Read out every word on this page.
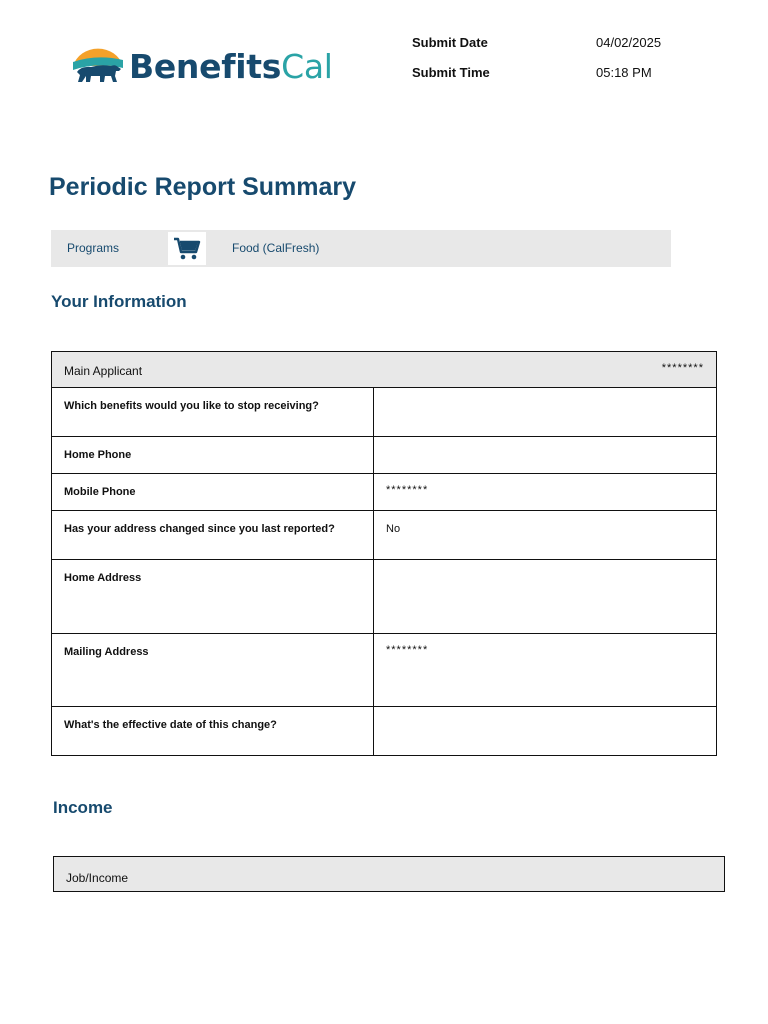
BenefitsCal
Submit Date	04/02/2025
Submit Time	05:18 PM
Periodic Report Summary
Programs	Food (CalFresh)
Your Information
Main Applicant	********
Which benefits would you like to stop receiving?
Home Phone
Mobile Phone	********
Has your address changed since you last reported?	No
Home Address
Mailing Address	********
What's the effective date of this change?
Income
Job/Income
